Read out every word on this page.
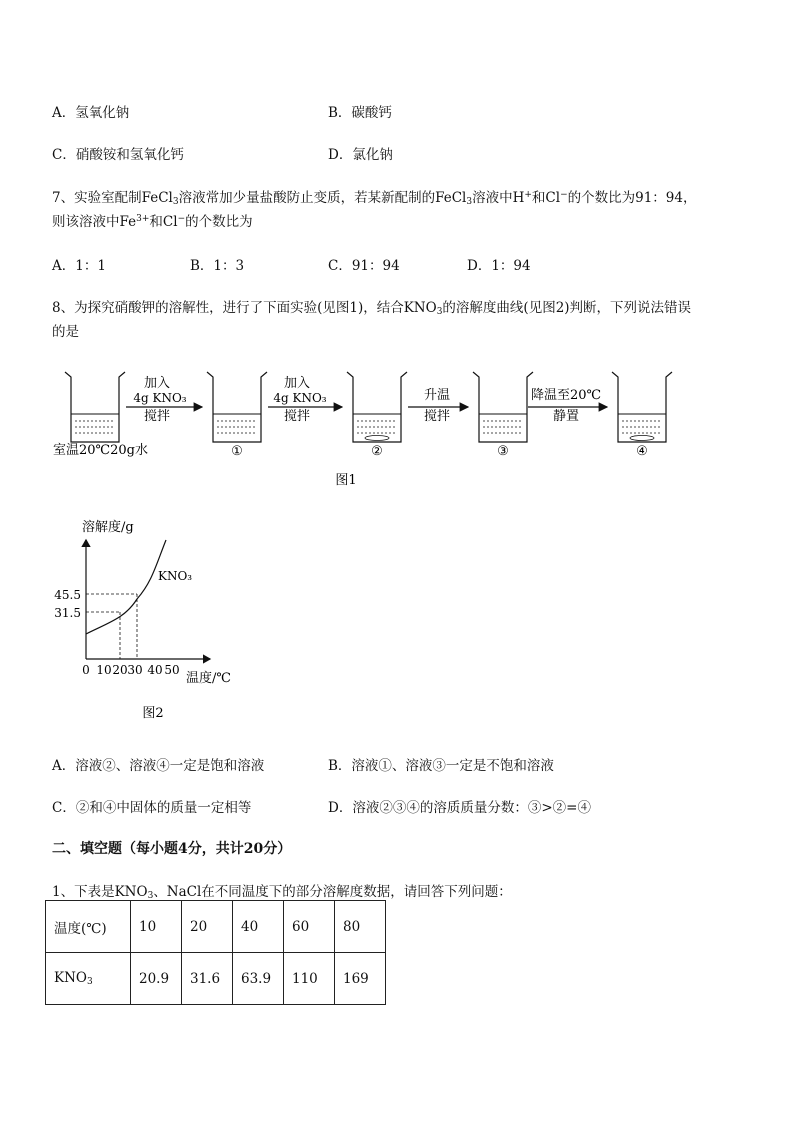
A．氢氧化钠	B．碳酸钙
C．硝酸铵和氢氧化钙	D．氯化钠
7、实验室配制FeCl$_3$溶液常加少量盐酸防止变质，若某新配制的FeCl$_3$溶液中H+和Cl−的个数比为91：94，
则该溶液中$Fe^{3+}$和Cl−的个数比为
A．1：1	B．1：3	C．91：94	D．1：94
8、为探究硝酸钾的溶解性，进行了下面实验(见图1)，结合$KNO_3$的溶解度曲线(见图2)判断，下列说法错误
的是
加入
4g KNO₃
搅拌
加入
4g KNO₃
搅拌
升温
搅拌
降温至20℃
静置
室温20℃20g水	①	②	③	④
图1
溶解度/g
KNO₃
45.5
31.5
0 10 20 30 40 50
温度/℃
图2
A．溶液②、溶液④一定是饱和溶液	B．溶液①、溶液③一定是不饱和溶液
C．②和④中固体的质量一定相等	D．溶液②③④的溶质质量分数：③>②=④
二、填空题（每小题4分，共计20分）
1、下表是$KNO_3$、NaCl在不同温度下的部分溶解度数据，请回答下列问题：
温度(℃)	10	20	40	60	80
$KNO_3$	20.9	31.6	63.9	110	169
